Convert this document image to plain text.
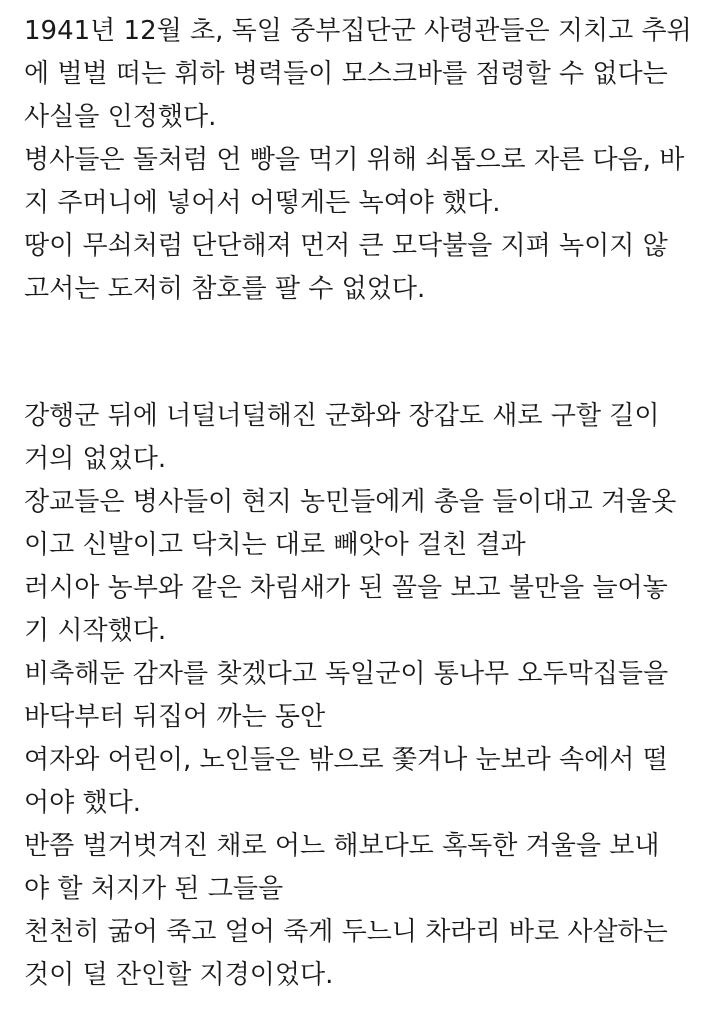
1941년 12월 초, 독일 중부집단군 사령관들은 지치고 추위
에 벌벌 떠는 휘하 병력들이 모스크바를 점령할 수 없다는
사실을 인정했다.
병사들은 돌처럼 언 빵을 먹기 위해 쇠톱으로 자른 다음, 바
지 주머니에 넣어서 어떻게든 녹여야 했다.
땅이 무쇠처럼 단단해져 먼저 큰 모닥불을 지펴 녹이지 않
고서는 도저히 참호를 팔 수 없었다.
강행군 뒤에 너덜너덜해진 군화와 장갑도 새로 구할 길이
거의 없었다.
장교들은 병사들이 현지 농민들에게 총을 들이대고 겨울옷
이고 신발이고 닥치는 대로 빼앗아 걸친 결과
러시아 농부와 같은 차림새가 된 꼴을 보고 불만을 늘어놓
기 시작했다.
비축해둔 감자를 찾겠다고 독일군이 통나무 오두막집들을
바닥부터 뒤집어 까는 동안
여자와 어린이, 노인들은 밖으로 쫓겨나 눈보라 속에서 떨
어야 했다.
반쯤 벌거벗겨진 채로 어느 해보다도 혹독한 겨울을 보내
야 할 처지가 된 그들을
천천히 굶어 죽고 얼어 죽게 두느니 차라리 바로 사살하는
것이 덜 잔인할 지경이었다.
